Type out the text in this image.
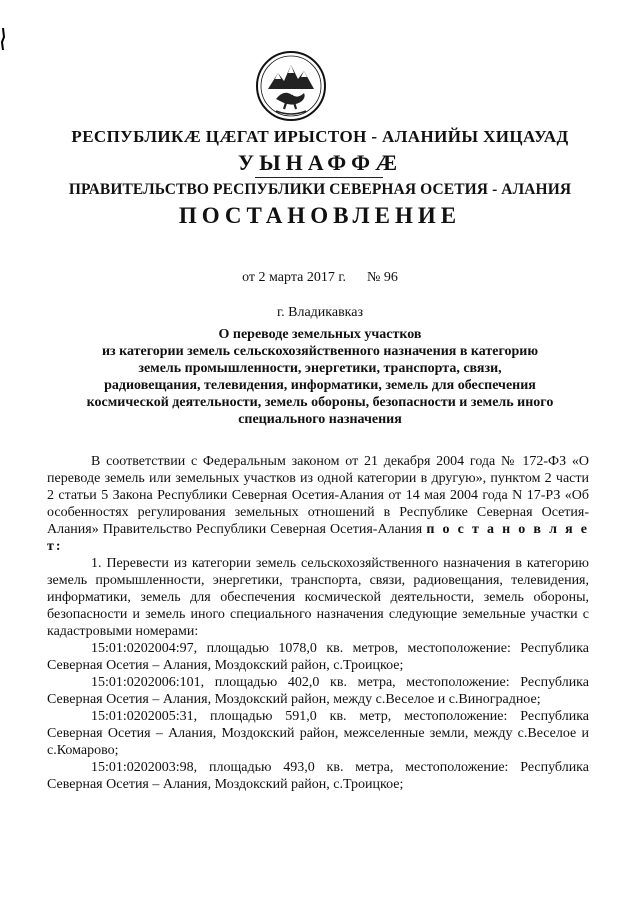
РЕСПУБЛИКӔ ЦӔГАТ ИРЫСТОН - АЛАНИЙЫ ХИЦАУАД
УЫНАФФӔ
ПРАВИТЕЛЬСТВО РЕСПУБЛИКИ СЕВЕРНАЯ ОСЕТИЯ - АЛАНИЯ
ПОСТАНОВЛЕНИЕ
от 2 марта 2017 г. № 96
г. Владикавказ
О переводе земельных участков
из категории земель сельскохозяйственного назначения в категорию
земель промышленности, энергетики, транспорта, связи,
радиовещания, телевидения, информатики, земель для обеспечения
космической деятельности, земель обороны, безопасности и земель иного
специального назначения
В соответствии с Федеральным законом от 21 декабря 2004 года № 172-ФЗ «О переводе земель или земельных участков из одной категории в другую», пунктом 2 части 2 статьи 5 Закона Республики Северная Осетия-Алания от 14 мая 2004 года N 17-РЗ «Об особенностях регулирования земельных отношений в Республике Северная Осетия-Алания» Правительство Республики Северная Осетия-Алания п о с т а н о в л я е т:
1. Перевести из категории земель сельскохозяйственного назначения в категорию земель промышленности, энергетики, транспорта, связи, радиовещания, телевидения, информатики, земель для обеспечения космической деятельности, земель обороны, безопасности и земель иного специального назначения следующие земельные участки с кадастровыми номерами:
15:01:0202004:97, площадью 1078,0 кв. метров, местоположение: Республика Северная Осетия – Алания, Моздокский район, с.Троицкое;
15:01:0202006:101, площадью 402,0 кв. метра, местоположение: Республика Северная Осетия – Алания, Моздокский район, между с.Веселое и с.Виноградное;
15:01:0202005:31, площадью 591,0 кв. метр, местоположение: Республика Северная Осетия – Алания, Моздокский район, межселенные земли, между с.Веселое и с.Комарово;
15:01:0202003:98, площадью 493,0 кв. метра, местоположение: Республика Северная Осетия – Алания, Моздокский район, с.Троицкое;
